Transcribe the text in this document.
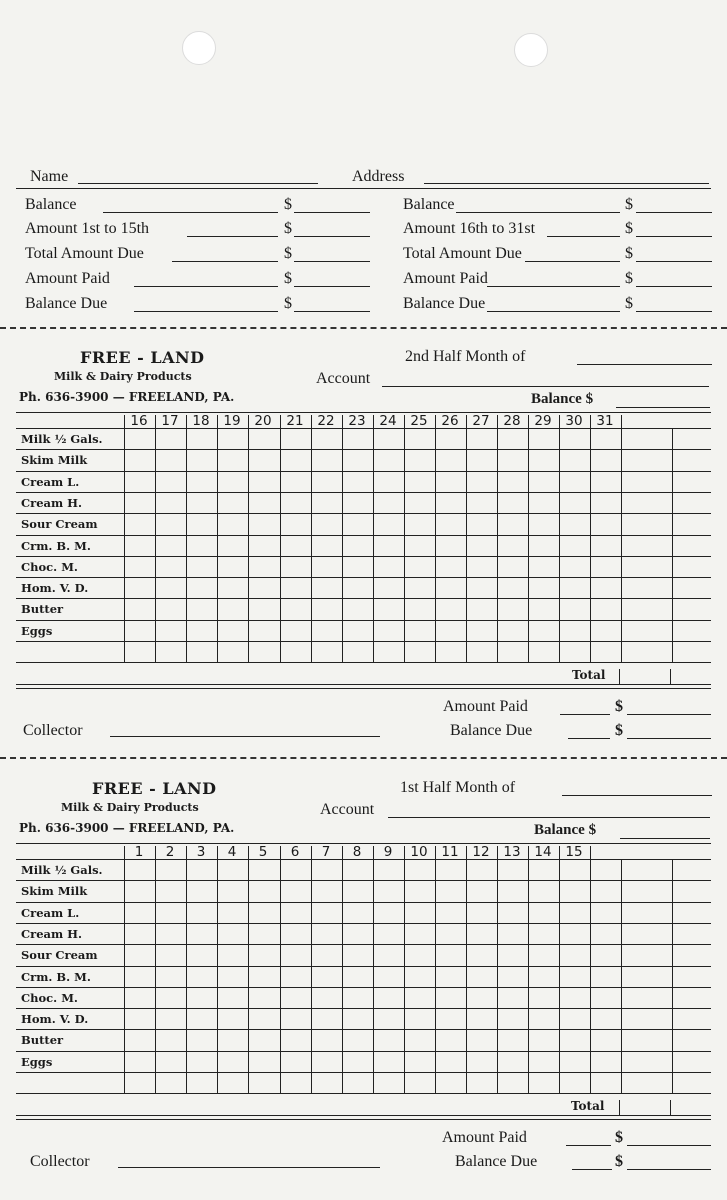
Name	Address
Balance	$
Amount 1st to 15th	$
Total Amount Due	$
Amount Paid	$
Balance Due	$
Balance	$
Amount 16th to 31st	$
Total Amount Due	$
Amount Paid	$
Balance Due	$
FREE - LAND
Milk & Dairy Products
Ph. 636-3900 — FREELAND, PA.
2nd Half Month of
Account
Balance $
16	17	18	19	20	21	22	23	24	25	26	27	28	29	30	31
Milk ½ Gals.
Skim Milk
Cream L.
Cream H.
Sour Cream
Crm. B. M.
Choc. M.
Hom. V. D.
Butter
Eggs
Total
Amount Paid	$
Collector	Balance Due	$
FREE - LAND
Milk & Dairy Products
Ph. 636-3900 — FREELAND, PA.
1st Half Month of
Account
Balance $
1	2	3	4	5	6	7	8	9	10	11	12	13	14	15
Milk ½ Gals.
Skim Milk
Cream L.
Cream H.
Sour Cream
Crm. B. M.
Choc. M.
Hom. V. D.
Butter
Eggs
Total
Amount Paid	$
Collector	Balance Due	$
